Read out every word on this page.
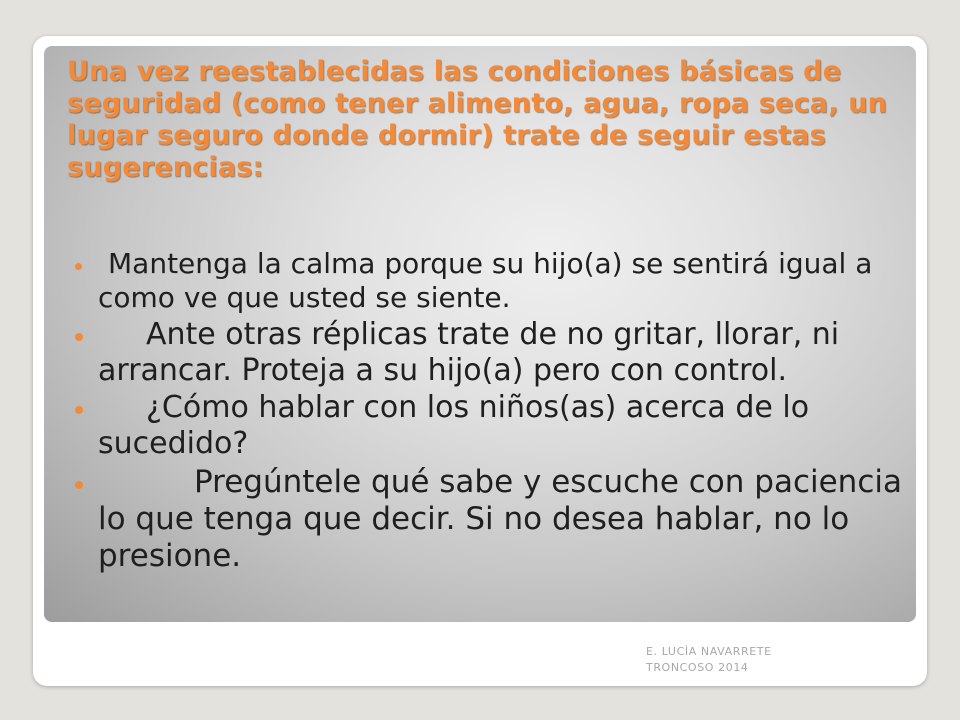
Una vez reestablecidas las condiciones básicas de seguridad (como tener alimento, agua, ropa seca, un lugar seguro donde dormir) trate de seguir estas sugerencias:
Mantenga la calma porque su hijo(a) se sentirá igual a como ve que usted se siente.
Ante otras réplicas trate de no gritar, llorar, ni arrancar. Proteja a su hijo(a) pero con control.
¿Cómo hablar con los niños(as) acerca de lo sucedido?
Pregúntele qué sabe y escuche con paciencia lo que tenga que decir. Si no desea hablar, no lo presione.
E. LUCÌA NAVARRETE TRONCOSO 2014
